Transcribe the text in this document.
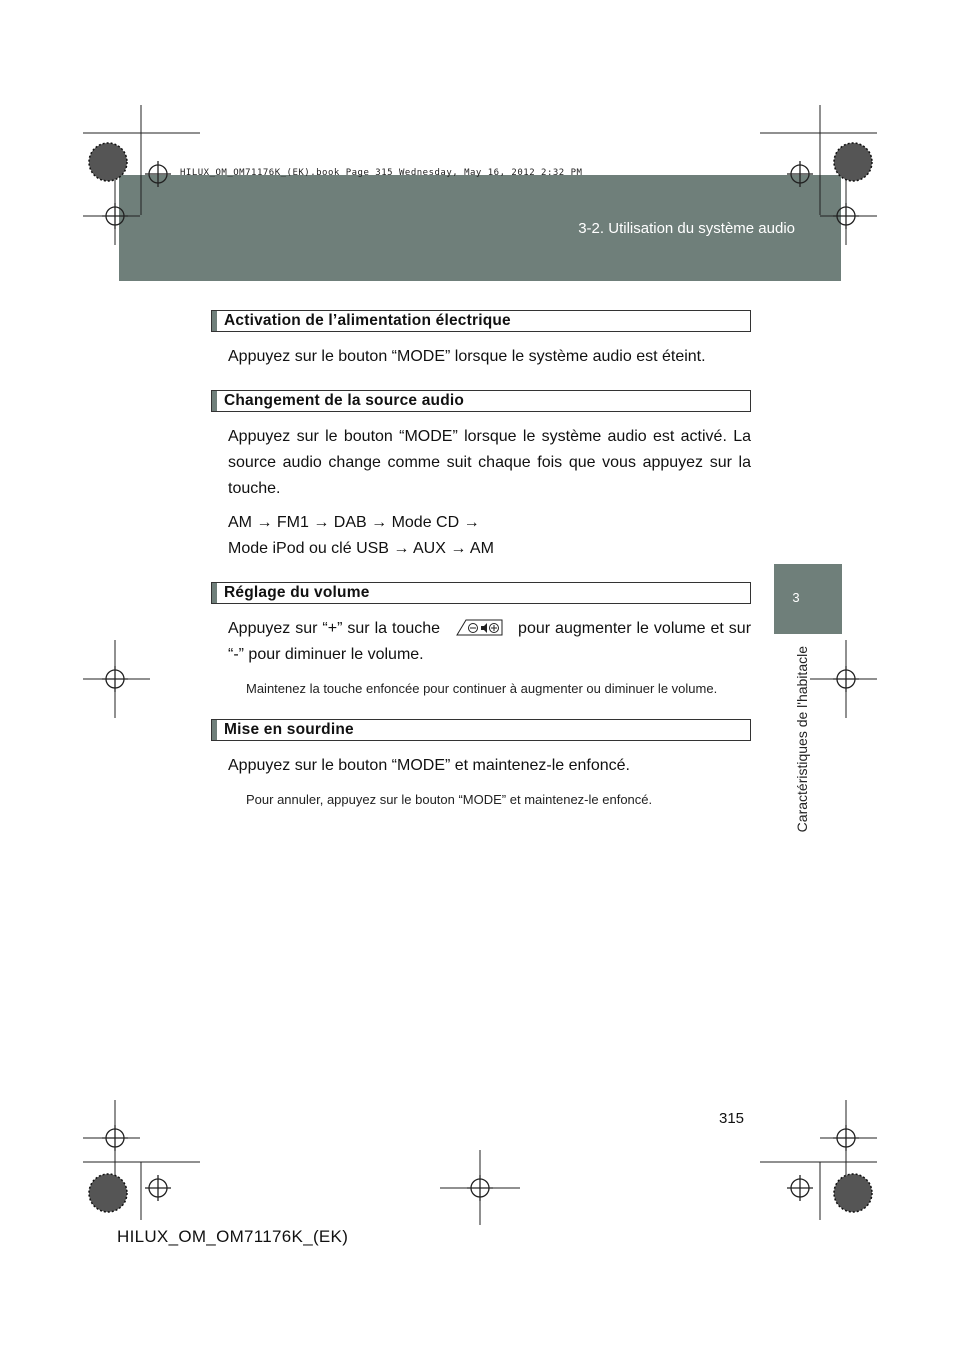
HILUX_OM_OM71176K_(EK).book Page 315 Wednesday, May 16, 2012 2:32 PM
3-2. Utilisation du système audio
3
Caractéristiques de l'habitacle
Activation de l’alimentation électrique

Appuyez sur le bouton “MODE” lorsque le système audio est éteint.

Changement de la source audio

Appuyez sur le bouton “MODE” lorsque le système audio est activé. La source audio change comme suit chaque fois que vous appuyez sur la touche.

AM → FM1 → DAB → Mode CD →
Mode iPod ou clé USB → AUX → AM

Réglage du volume

Appuyez sur “+” sur la touche	pour augmenter le volume et sur “-” pour diminuer le volume.

Maintenez la touche enfoncée pour continuer à augmenter ou diminuer le volume.

Mise en sourdine

Appuyez sur le bouton “MODE” et maintenez-le enfoncé.

Pour annuler, appuyez sur le bouton “MODE” et maintenez-le enfoncé.

315
HILUX_OM_OM71176K_(EK)
